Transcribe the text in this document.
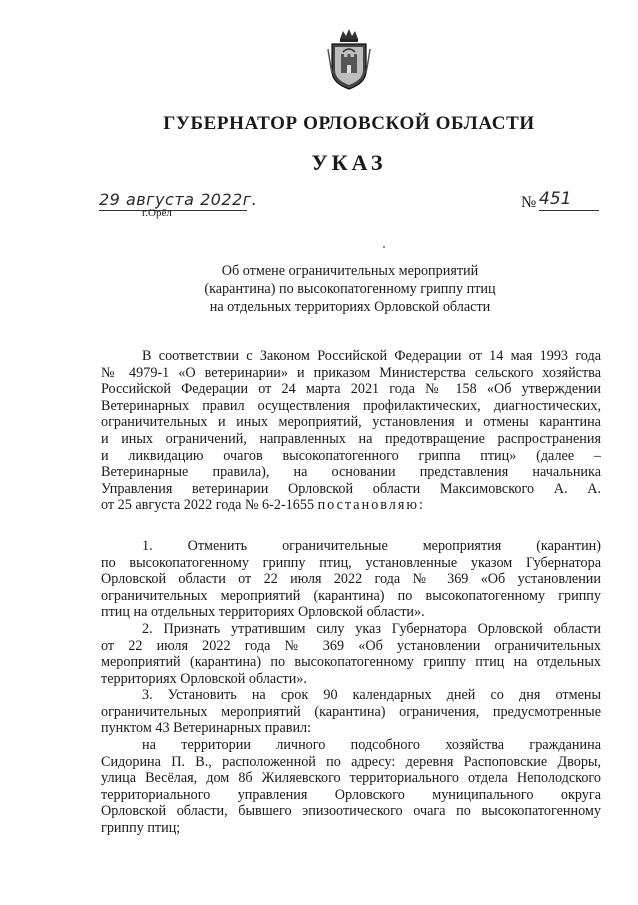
ГУБЕРНАТОР ОРЛОВСКОЙ ОБЛАСТИ
УКАЗ
29 августа 2022г.
г.Орёл
№ 451
Об отмене ограничительных мероприятий
(карантина) по высокопатогенному гриппу птиц
на отдельных территориях Орловской области

В соответствии с Законом Российской Федерации от 14 мая 1993 года
№ 4979-1 «О ветеринарии» и приказом Министерства сельского хозяйства
Российской Федерации от 24 марта 2021 года № 158 «Об утверждении
Ветеринарных правил осуществления профилактических, диагностических,
ограничительных и иных мероприятий, установления и отмены карантина
и иных ограничений, направленных на предотвращение распространения
и ликвидацию очагов высокопатогенного гриппа птиц» (далее –
Ветеринарные правила), на основании представления начальника
Управления ветеринарии Орловской области Максимовского А. А.
от 25 августа 2022 года № 6-2-1655 постановляю:

1. Отменить ограничительные мероприятия (карантин)
по высокопатогенному гриппу птиц, установленные указом Губернатора
Орловской области от 22 июля 2022 года № 369 «Об установлении
ограничительных мероприятий (карантина) по высокопатогенному гриппу
птиц на отдельных территориях Орловской области».

2. Признать утратившим силу указ Губернатора Орловской области
от 22 июля 2022 года № 369 «Об установлении ограничительных
мероприятий (карантина) по высокопатогенному гриппу птиц на отдельных
территориях Орловской области».

3. Установить на срок 90 календарных дней со дня отмены
ограничительных мероприятий (карантина) ограничения, предусмотренные
пунктом 43 Ветеринарных правил:

на территории личного подсобного хозяйства гражданина
Сидорина П. В., расположенной по адресу: деревня Распоповские Дворы,
улица Весёлая, дом 8б Жиляевского территориального отдела Неполодского
территориального управления Орловского муниципального округа
Орловской области, бывшего эпизоотического очага по высокопатогенному
гриппу птиц;
